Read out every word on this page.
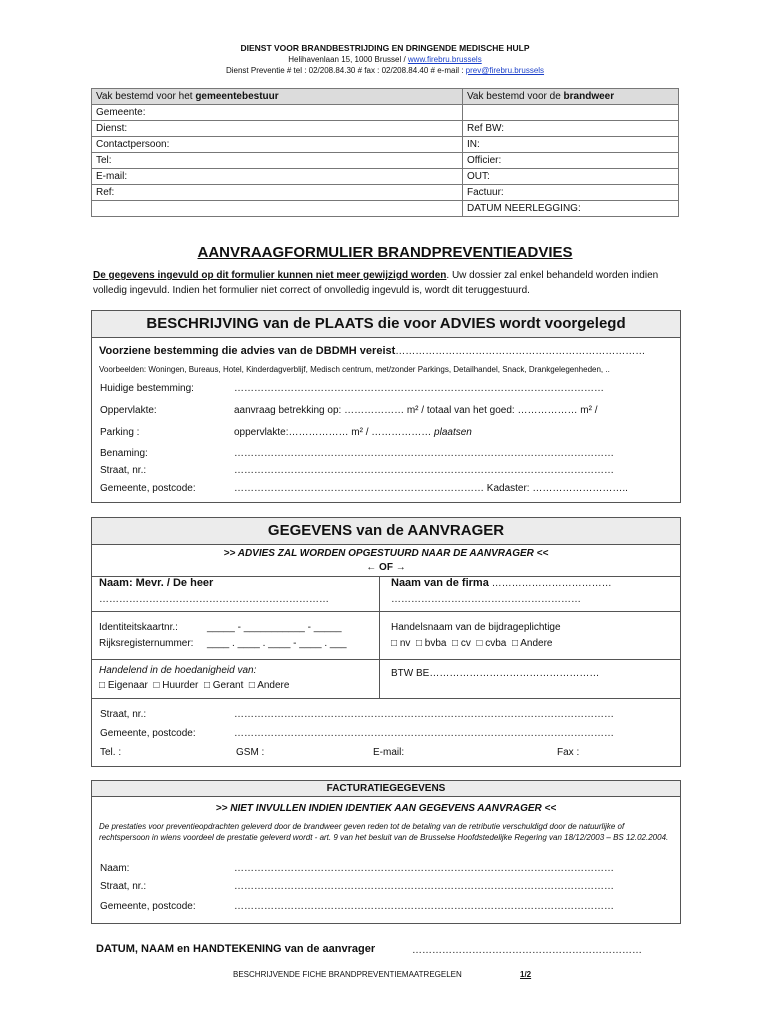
DIENST VOOR BRANDBESTRIJDING EN DRINGENDE MEDISCHE HULP
Helihavenlaan 15, 1000 Brussel / www.firebru.brussels
Dienst Preventie # tel : 02/208.84.30 # fax : 02/208.84.40 # e-mail : prev@firebru.brussels
Vak bestemd voor het gemeentebestuur	Vak bestemd voor de brandweer
Gemeente:	
Dienst:	Ref BW:
Contactpersoon:	IN:
Tel:	Officier:
E-mail:	OUT:
Ref:	Factuur:
	DATUM NEERLEGGING:
AANVRAAGFORMULIER BRANDPREVENTIEADVIES
De gegevens ingevuld op dit formulier kunnen niet meer gewijzigd worden. Uw dossier zal enkel behandeld worden indien volledig ingevuld. Indien het formulier niet correct of onvolledig ingevuld is, wordt dit teruggestuurd.
BESCHRIJVING van de PLAATS die voor ADVIES wordt voorgelegd
Voorziene bestemming die advies van de DBDMH vereist…………………………………………………………………
Voorbeelden: Woningen, Bureaus, Hotel, Kinderdagverblijf, Medisch centrum, met/zonder Parkings, Detailhandel, Snack, Drankgelegenheden, ..
Huidige bestemming:	…………………………………………………………………………………………………
Oppervlakte:	aanvraag betrekking op: ……………… m² / totaal van het goed: ……………… m² /
Parking :	oppervlakte:……………… m² / ……………… plaatsen
Benaming:	……………………………………………………………………………………………………
Straat, nr.:	……………………………………………………………………………………………………
Gemeente, postcode:	………………………………………………………………… Kadaster: ………………………..
GEGEVENS van de AANVRAGER
>> ADVIES ZAL WORDEN OPGESTUURD NAAR DE AANVRAGER <<
← OF →
Naam: Mevr. / De heer
……………………………………………………………
Naam van de firma ………………………………
…………………………………………………
Identiteitskaartnr.:	_____ - ___________ - _____
Rijksregisternummer: ____ . ____ . ____ - ____ . ___
Handelsnaam van de bijdrageplichtige
□ nv □ bvba □ cv □ cvba □ Andere
Handelend in de hoedanigheid van:
□ Eigenaar □ Huurder □ Gerant □ Andere
BTW BE……………………………………………
Straat, nr.:	……………………………………………………………………………………………………
Gemeente, postcode:	……………………………………………………………………………………………………
Tel. :	GSM :	E-mail:	Fax :
FACTURATIEGEGEVENS
>> NIET INVULLEN INDIEN IDENTIEK AAN GEGEVENS AANVRAGER <<
De prestaties voor preventieopdrachten geleverd door de brandweer geven reden tot de betaling van de retributie verschuldigd door de natuurlijke of rechtspersoon in wiens voordeel de prestatie geleverd wordt - art. 9 van het besluit van de Brusselse Hoofdstedelijke Regering van 18/12/2003 – BS 12.02.2004.
Naam:	……………………………………………………………………………………………………
Straat, nr.:	……………………………………………………………………………………………………
Gemeente, postcode:	……………………………………………………………………………………………………
DATUM, NAAM en HANDTEKENING van de aanvrager	……………………………………………………………
BESCHRIJVENDE FICHE BRANDPREVENTIEMAATREGELEN	1/2
